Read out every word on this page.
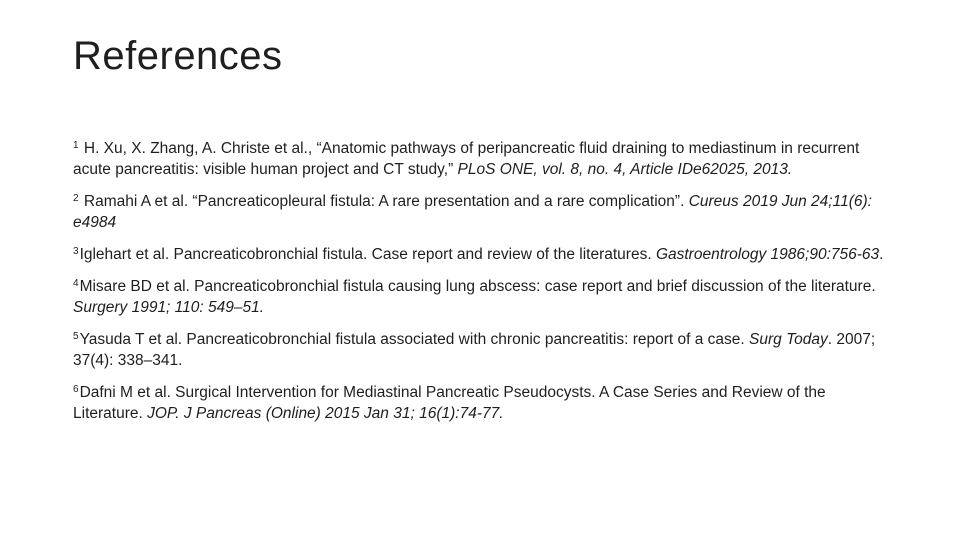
References

$^1$ H. Xu, X. Zhang, A. Christe et al., “Anatomic pathways of peripancreatic fluid draining to mediastinum in recurrent acute pancreatitis: visible human project and CT study,” PLoS ONE, vol. 8, no. 4, Article IDe62025, 2013.

$^2$ Ramahi A et al. “Pancreaticopleural fistula: A rare presentation and a rare complication”. Cureus 2019 Jun 24;11(6): e4984

$^3$Iglehart et al. Pancreaticobronchial fistula. Case report and review of the literatures. Gastroentrology 1986;90:756-63.

$^4$Misare BD et al. Pancreaticobronchial fistula causing lung abscess: case report and brief discussion of the literature. Surgery 1991; 110: 549–51.

$^5$Yasuda T et al. Pancreaticobronchial fistula associated with chronic pancreatitis: report of a case. Surg Today. 2007; 37(4): 338–341.

$^6$Dafni M et al. Surgical Intervention for Mediastinal Pancreatic Pseudocysts. A Case Series and Review of the Literature. JOP. J Pancreas (Online) 2015 Jan 31; 16(1):74-77.
